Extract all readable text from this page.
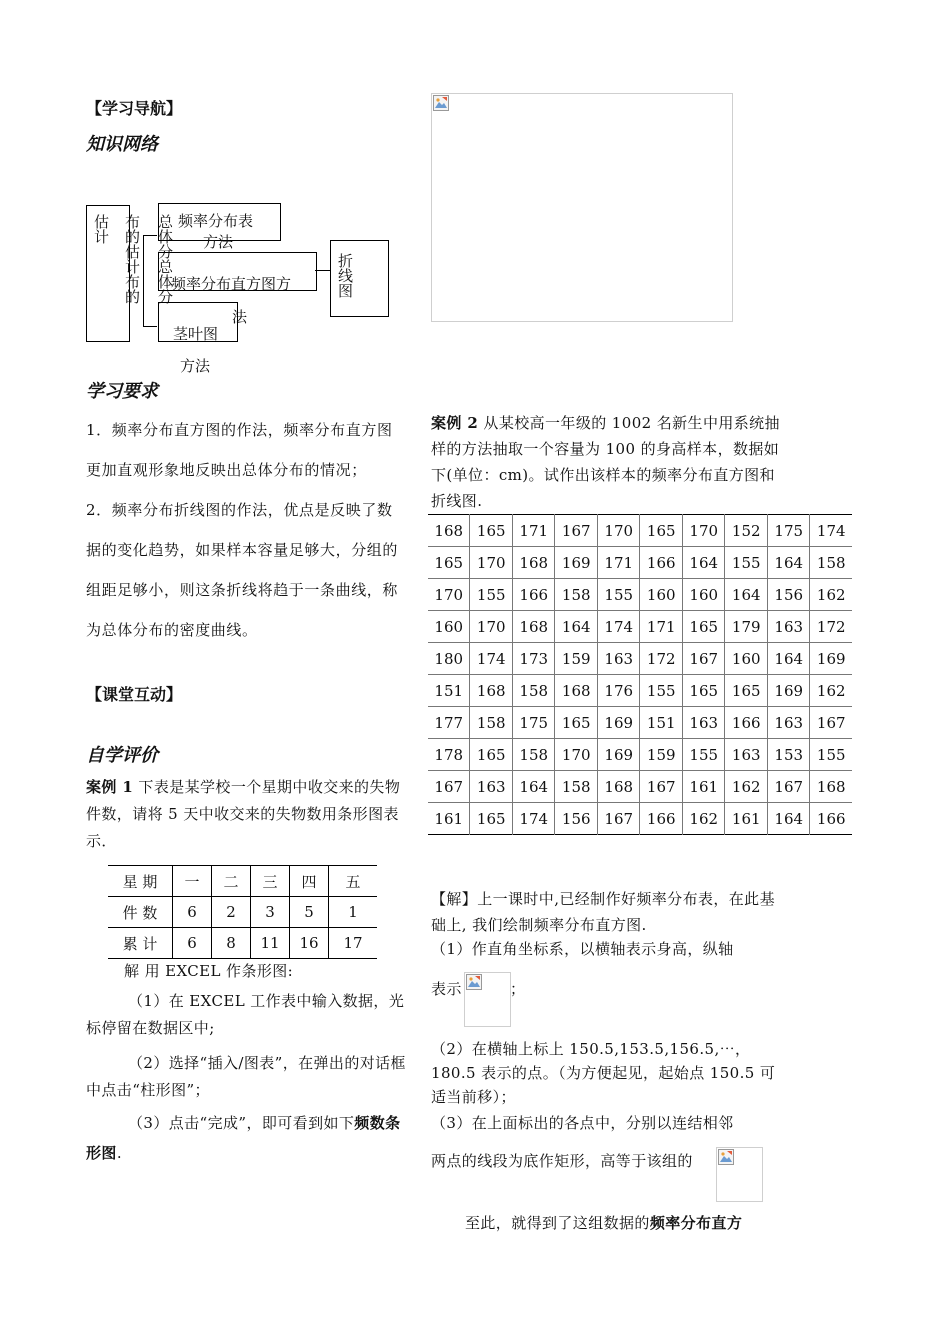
【学习导航】
知识网络
估计 布的估计布的 总体分总体分 频率分布表
方法
频率分布直方图方
法
茎叶图
方法
折线图
学习要求
1．频率分布直方图的作法，频率分布直方图更加直观形象地反映出总体分布的情况；
2．频率分布折线图的作法，优点是反映了数据的变化趋势，如果样本容量足够大，分组的组距足够小，则这条折线将趋于一条曲线，称为总体分布的密度曲线。
【课堂互动】
自学评价
案例 1 下表是某学校一个星期中收交来的失物件数，请将 5 天中收交来的失物数用条形图表示．
星 期	一	二	三	四	五
件 数	6	2	3	5	1
累 计	6	8	11	16	17
解 用 EXCEL 作条形图:
（1）在 EXCEL 工作表中输入数据，光标停留在数据区中;
（2）选择“插入/图表”，在弹出的对话框中点击“柱形图”；
（3）点击“完成”，即可看到如下频数条形图.
案例 2 从某校高一年级的 1002 名新生中用系统抽样的方法抽取一个容量为 100 的身高样本，数据如下(单位：cm)。试作出该样本的频率分布直方图和折线图.
168	165	171	167	170	165	170	152	175	174
165	170	168	169	171	166	164	155	164	158
170	155	166	158	155	160	160	164	156	162
160	170	168	164	174	171	165	179	163	172
180	174	173	159	163	172	167	160	164	169
151	168	158	168	176	155	165	165	169	162
177	158	175	165	169	151	163	166	163	167
178	165	158	170	169	159	155	163	153	155
167	163	164	158	168	167	161	162	167	168
161	165	174	156	167	166	162	161	164	166
【解】上一课时中,已经制作好频率分布表，在此基础上, 我们绘制频率分布直方图.
（1）作直角坐标系，以横轴表示身高，纵轴
表示	；
（2）在横轴上标上 150.5,153.5,156.5,⋯，180.5 表示的点。（为方便起见，起始点 150.5 可适当前移）；
（3）在上面标出的各点中，分别以连结相邻
两点的线段为底作矩形，高等于该组的
至此，就得到了这组数据的频率分布直方
